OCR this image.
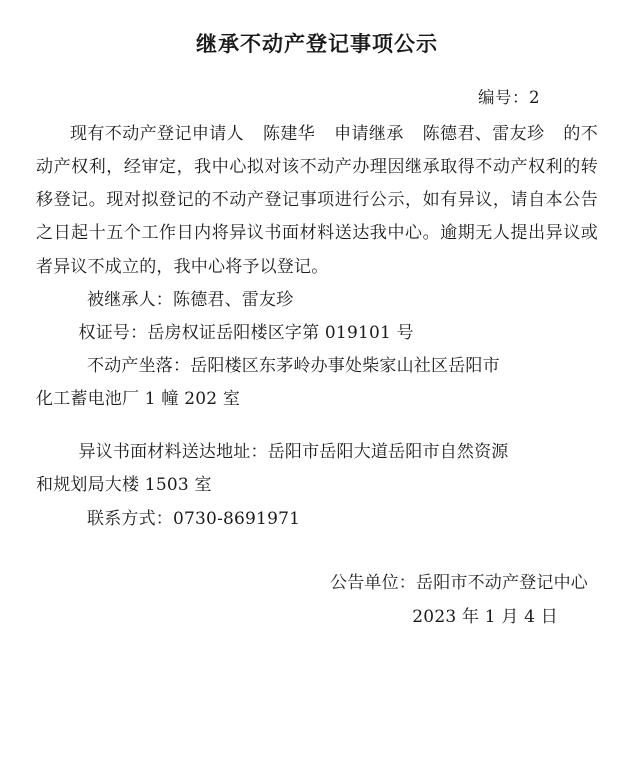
继承不动产登记事项公示
编号：2

现有不动产登记申请人 陈建华 申请继承 陈德君、雷友珍 的不动产权利，经审定，我中心拟对该不动产办理因继承取得不动产权利的转移登记。现对拟登记的不动产登记事项进行公示，如有异议，请自本公告之日起十五个工作日内将异议书面材料送达我中心。逾期无人提出异议或者异议不成立的，我中心将予以登记。

被继承人：陈德君、雷友珍
权证号：岳房权证岳阳楼区字第 019101 号
不动产坐落：岳阳楼区东茅岭办事处柴家山社区岳阳市
化工蓄电池厂 1 幢 202 室
异议书面材料送达地址：岳阳市岳阳大道岳阳市自然资源
和规划局大楼 1503 室
联系方式：0730-8691971
公告单位：岳阳市不动产登记中心
2023 年 1 月 4 日
